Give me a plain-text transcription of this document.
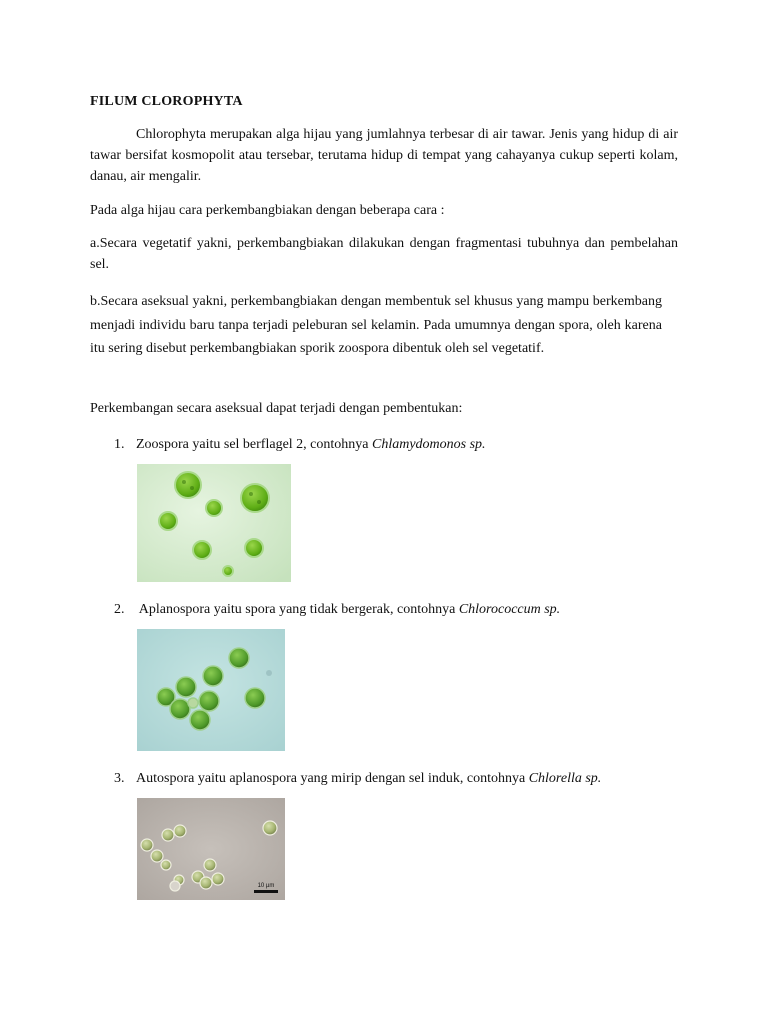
FILUM CLOROPHYTA

Chlorophyta merupakan alga hijau yang jumlahnya terbesar di air tawar. Jenis yang hidup di air tawar bersifat kosmopolit atau tersebar, terutama hidup di tempat yang cahayanya cukup seperti kolam, danau, air mengalir.

Pada alga hijau cara perkembangbiakan dengan beberapa cara :

a.Secara vegetatif yakni, perkembangbiakan dilakukan dengan fragmentasi tubuhnya dan pembelahan sel.

b.Secara aseksual yakni, perkembangbiakan dengan membentuk sel khusus yang mampu berkembang menjadi individu baru tanpa terjadi peleburan sel kelamin. Pada umumnya dengan spora, oleh karena itu sering disebut perkembangbiakan sporik zoospora dibentuk oleh sel vegetatif.

Perkembangan secara aseksual dapat terjadi dengan pembentukan:

1. Zoospora yaitu sel berflagel 2, contohnya Chlamydomonos sp.
2. Aplanospora yaitu spora yang tidak bergerak, contohnya Chlorococcum sp.
3. Autospora yaitu aplanospora yang mirip dengan sel induk, contohnya Chlorella sp.
10 µm
